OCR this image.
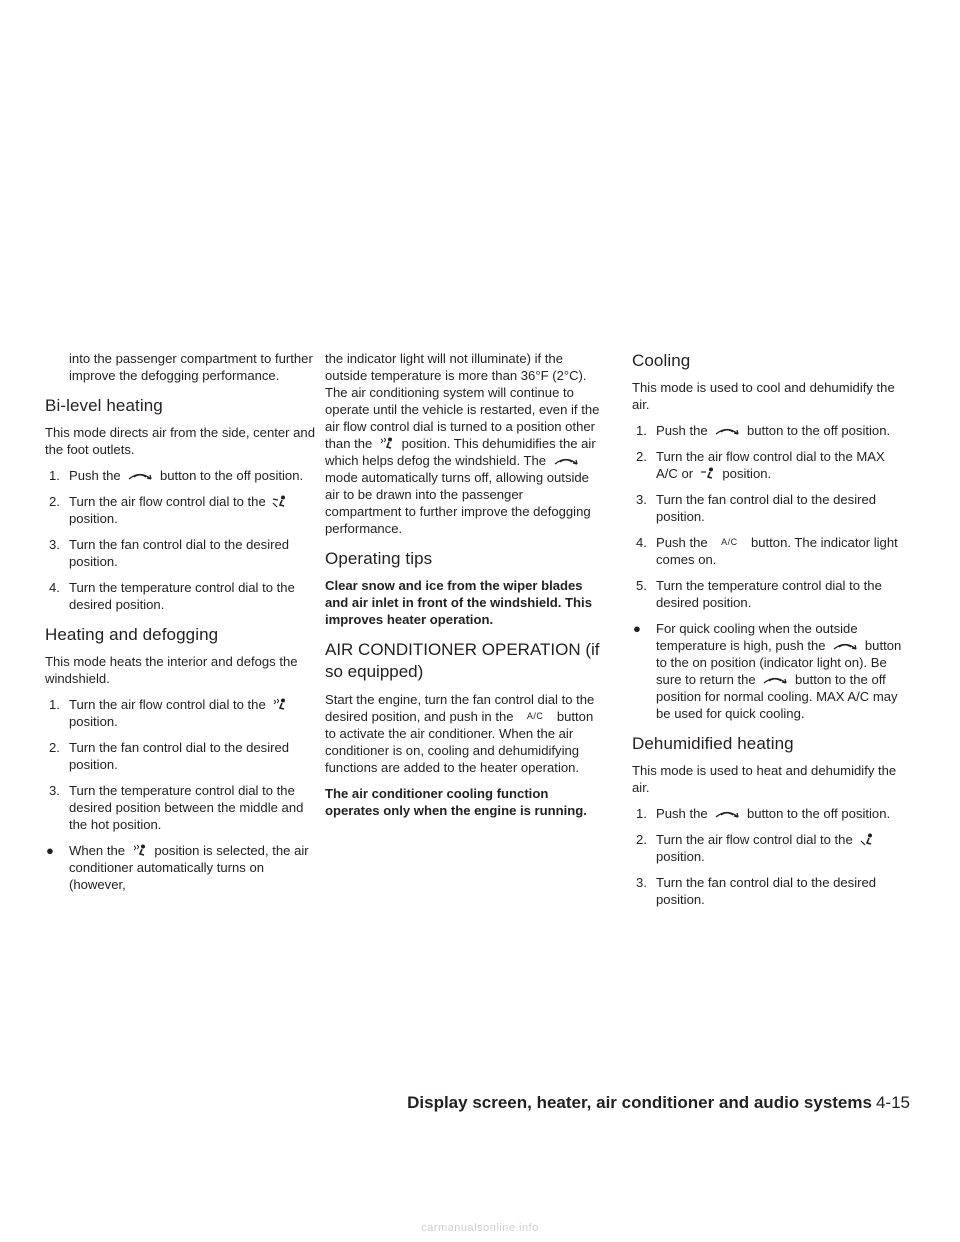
into the passenger compartment to further improve the defogging performance.

Bi-level heating

This mode directs air from the side, center and the foot outlets.

1. Push the	button to the off position.
2. Turn the air flow control dial to the
position.
3. Turn the fan control dial to the desired position.
4. Turn the temperature control dial to the desired position.
Heating and defogging

This mode heats the interior and defogs the windshield.

1. Turn the air flow control dial to the
position.
2. Turn the fan control dial to the desired position.
3. Turn the temperature control dial to the desired position between the middle and the hot position.
● When the position is selected, the air conditioner automatically turns on (however,

the indicator light will not illuminate) if the outside temperature is more than 36°F (2°C). The air conditioning system will continue to operate until the vehicle is restarted, even if the air flow control dial is turned to a position other than the position. This dehumidifies the air which helps defog the windshield. The  mode automatically turns off, allowing outside air to be drawn into the passenger compartment to further improve the defogging performance.

Operating tips

Clear snow and ice from the wiper blades and air inlet in front of the windshield. This improves heater operation.

AIR CONDITIONER OPERATION (if so equipped)

Start the engine, turn the fan control dial to the desired position, and push in the A/C button to activate the air conditioner. When the air conditioner is on, cooling and dehumidifying functions are added to the heater operation.

The air conditioner cooling function operates only when the engine is running.

Cooling

This mode is used to cool and dehumidify the air.

1. Push the	button to the off position.
2. Turn the air flow control dial to the MAX A/C or position.
3. Turn the fan control dial to the desired position.
4. Push the A/C button. The indicator light comes on.
5. Turn the temperature control dial to the desired position.
● For quick cooling when the outside temperature is high, push the	button to the on position (indicator light on). Be sure to return the	button to the off position for normal cooling. MAX A/C may be used for quick cooling.
Dehumidified heating

This mode is used to heat and dehumidify the air.

1. Push the	button to the off position.
2. Turn the air flow control dial to the
position.
3. Turn the fan control dial to the desired position.
Display screen, heater, air conditioner and audio systems 4-15
carmanualsonline.info
